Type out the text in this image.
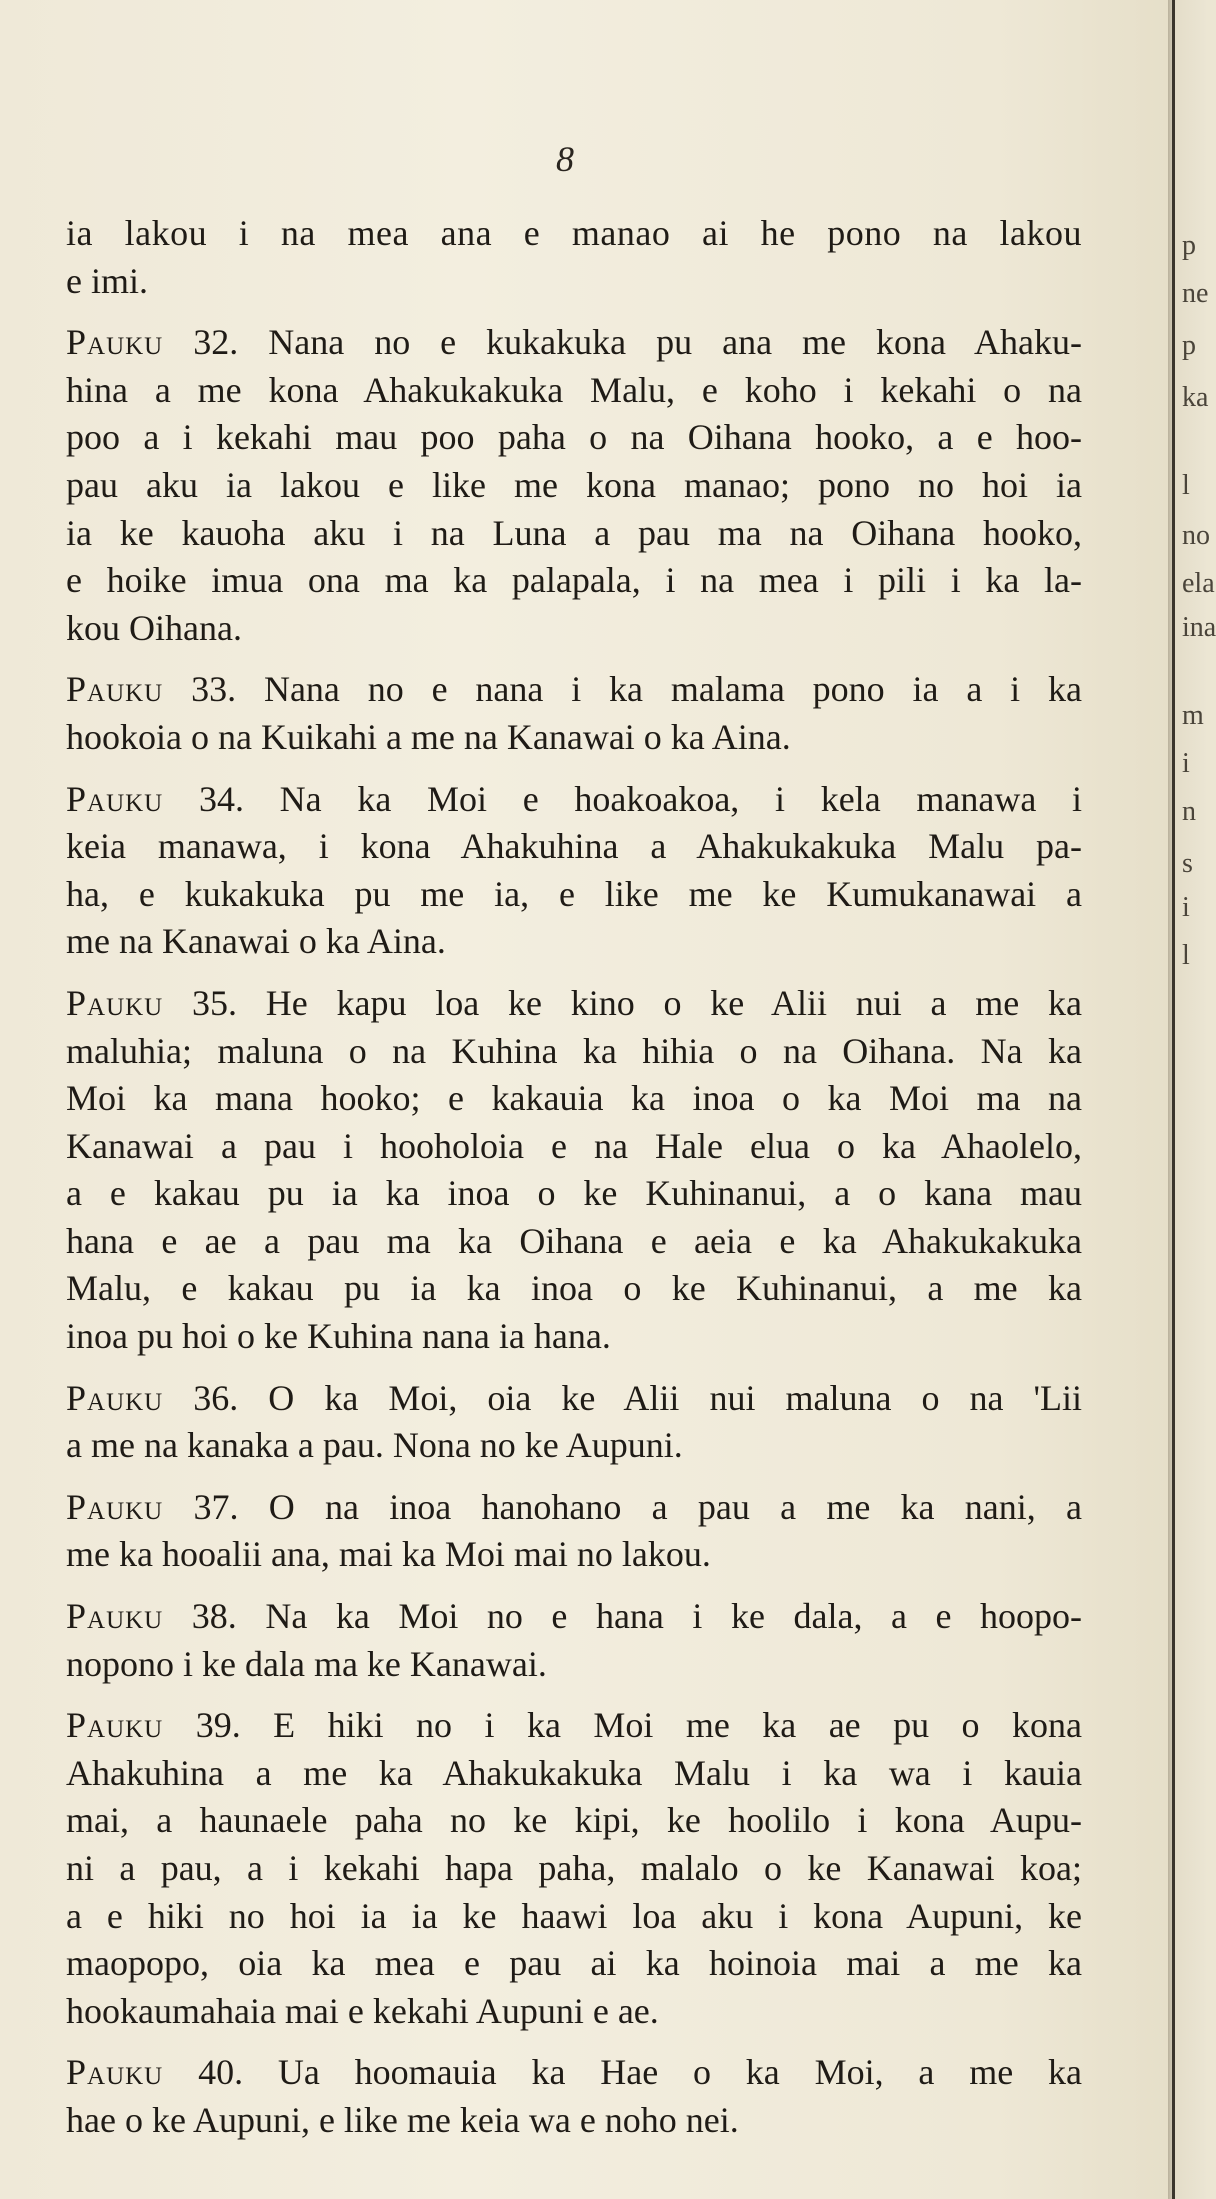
8
ia lakou i na mea ana e manao ai he pono na lakou
e imi.
Pauku 32. Nana no e kukakuka pu ana me kona Ahaku-
hina a me kona Ahakukakuka Malu, e koho i kekahi o na
poo a i kekahi mau poo paha o na Oihana hooko, a e hoo-
pau aku ia lakou e like me kona manao; pono no hoi ia
ia ke kauoha aku i na Luna a pau ma na Oihana hooko,
e hoike imua ona ma ka palapala, i na mea i pili i ka la-
kou Oihana.
Pauku 33. Nana no e nana i ka malama pono ia a i ka
hookoia o na Kuikahi a me na Kanawai o ka Aina.
Pauku 34. Na ka Moi e hoakoakoa, i kela manawa i
keia manawa, i kona Ahakuhina a Ahakukakuka Malu pa-
ha, e kukakuka pu me ia, e like me ke Kumukanawai a
me na Kanawai o ka Aina.
Pauku 35. He kapu loa ke kino o ke Alii nui a me ka
maluhia; maluna o na Kuhina ka hihia o na Oihana. Na ka
Moi ka mana hooko; e kakauia ka inoa o ka Moi ma na
Kanawai a pau i hooholoia e na Hale elua o ka Ahaolelo,
a e kakau pu ia ka inoa o ke Kuhinanui, a o kana mau
hana e ae a pau ma ka Oihana e aeia e ka Ahakukakuka
Malu, e kakau pu ia ka inoa o ke Kuhinanui, a me ka
inoa pu hoi o ke Kuhina nana ia hana.
Pauku 36. O ka Moi, oia ke Alii nui maluna o na 'Lii
a me na kanaka a pau. Nona no ke Aupuni.
Pauku 37. O na inoa hanohano a pau a me ka nani, a
me ka hooalii ana, mai ka Moi mai no lakou.
Pauku 38. Na ka Moi no e hana i ke dala, a e hoopo-
nopono i ke dala ma ke Kanawai.
Pauku 39. E hiki no i ka Moi me ka ae pu o kona
Ahakuhina a me ka Ahakukakuka Malu i ka wa i kauia
mai, a haunaele paha no ke kipi, ke hoolilo i kona Aupu-
ni a pau, a i kekahi hapa paha, malalo o ke Kanawai koa;
a e hiki no hoi ia ia ke haawi loa aku i kona Aupuni, ke
maopopo, oia ka mea e pau ai ka hoinoia mai a me ka
hookaumahaia mai e kekahi Aupuni e ae.
Pauku 40. Ua hoomauia ka Hae o ka Moi, a me ka
hae o ke Aupuni, e like me keia wa e noho nei.
p
ne
p
ka
l
no
ela
ina
m
i
n
s
i
l
